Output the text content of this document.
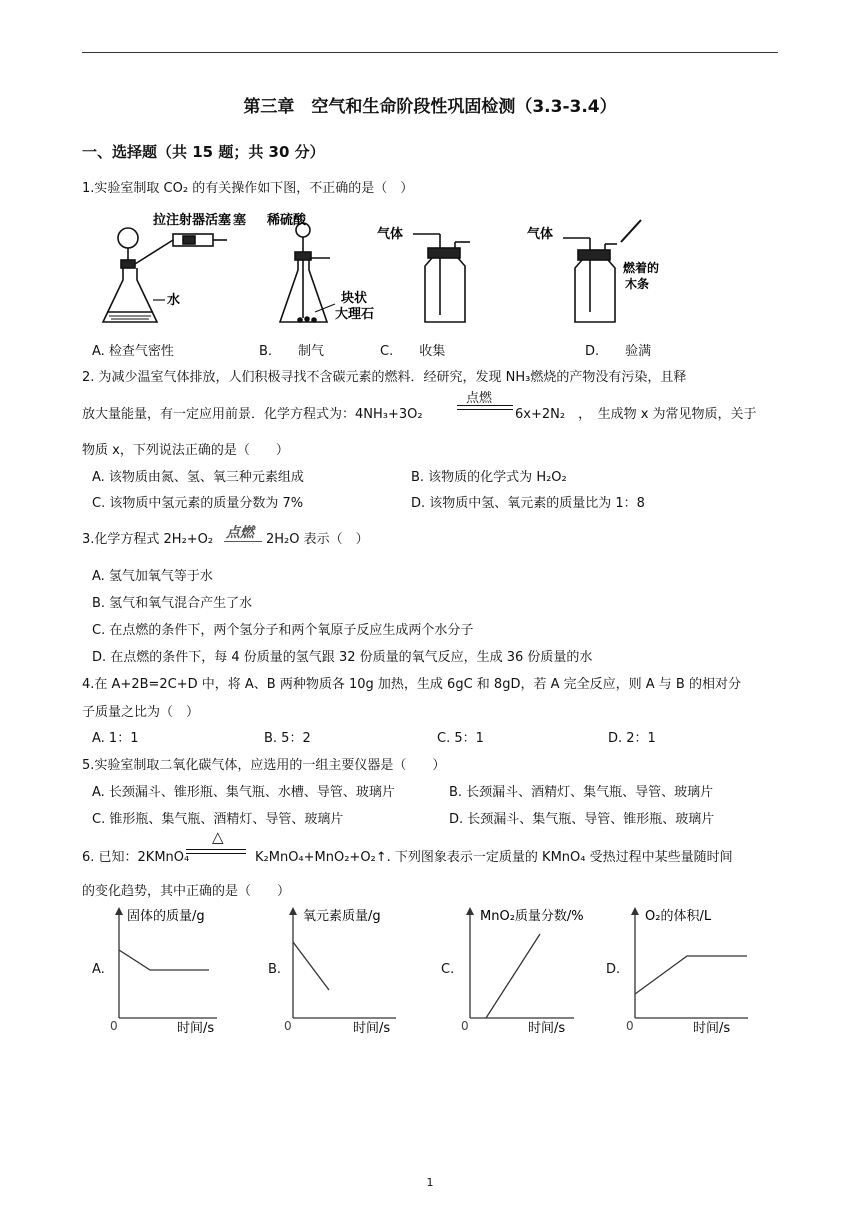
第三章　空气和生命阶段性巩固检测（3.3-3.4）
一、选择题（共 15 题；共 30 分）
1.实验室制取 CO₂ 的有关操作如下图，不正确的是（　）
拉注射器活塞 塞
水
稀硫酸
块状
大理石
气体	气体
燃着的
木条
A. 检查气密性	B.　　制气	C.　　收集	D.　　验满
2. 为减少温室气体排放，人们积极寻找不含碳元素的燃料．经研究，发现 NH₃燃烧的产物没有污染，且释
放大量能量，有一定应用前景．化学方程式为：4NH₃+3O₂
点燃
6x+2N₂　，　生成物 x 为常见物质，关于
物质 x，下列说法正确的是（　　）
A. 该物质由氮、氢、氧三种元素组成	B. 该物质的化学式为 H₂O₂
C. 该物质中氢元素的质量分数为 7%	D. 该物质中氢、氧元素的质量比为 1：8
3.化学方程式 2H₂+O₂ 点燃 2H₂O 表示（　）
A. 氢气加氧气等于水
B. 氢气和氧气混合产生了水
C. 在点燃的条件下，两个氢分子和两个氧原子反应生成两个水分子
D. 在点燃的条件下，每 4 份质量的氢气跟 32 份质量的氧气反应，生成 36 份质量的水
4.在 A+2B=2C+D 中，将 A、B 两种物质各 10g 加热，生成 6gC 和 8gD，若 A 完全反应，则 A 与 B 的相对分
子质量之比为（　）
A. 1：1	B. 5：2	C. 5：1	D. 2：1
5.实验室制取二氧化碳气体，应选用的一组主要仪器是（　　）
A. 长颈漏斗、锥形瓶、集气瓶、水槽、导管、玻璃片	B. 长颈漏斗、酒精灯、集气瓶、导管、玻璃片
C. 锥形瓶、集气瓶、酒精灯、导管、玻璃片	D. 长颈漏斗、集气瓶、导管、锥形瓶、玻璃片
6. 已知：2KMnO₄
△
K₂MnO₄+MnO₂+O₂↑. 下列图象表示一定质量的 KMnO₄ 受热过程中某些量随时间
的变化趋势，其中正确的是（　　）
A.
固体的质量/g
0	时间/s
B.
氧元素质量/g
0	时间/s
C.
MnO₂质量分数/%
0	时间/s
D.
O₂的体积/L
0	时间/s
1
